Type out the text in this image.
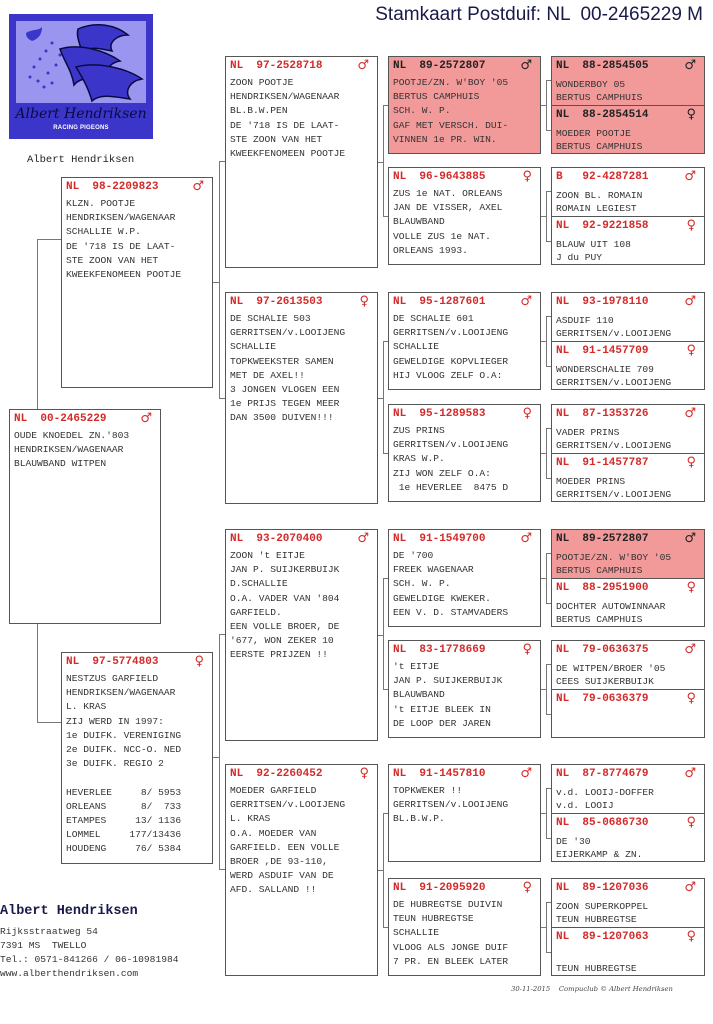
Stamkaart Postduif: NL  00-2465229 M
Albert Hendriksen
RACING PIGEONS
Albert Hendriksen
NL  00-2465229	♂
OUDE KNOEDEL ZN.'803
HENDRIKSEN/WAGENAAR
BLAUWBAND WITPEN
NL  98-2209823	♂
KLZN. POOTJE
HENDRIKSEN/WAGENAAR
SCHALLIE W.P.
DE '718 IS DE LAAT-
STE ZOON VAN HET
KWEEKFENOMEEN POOTJE
NL  97-5774803	♀
NESTZUS GARFIELD
HENDRIKSEN/WAGENAAR
L. KRAS
ZIJ WERD IN 1997:
1e DUIFK. VERENIGING
2e DUIFK. NCC-O. NED
3e DUIFK. REGIO 2

HEVERLEE     8/ 5953
ORLEANS      8/  733
ETAMPES     13/ 1136
LOMMEL     177/13436
HOUDENG     76/ 5384
NL  97-2528718	♂
ZOON POOTJE
HENDRIKSEN/WAGENAAR
BL.B.W.PEN
DE '718 IS DE LAAT-
STE ZOON VAN HET
KWEEKFENOMEEN POOTJE
NL  97-2613503	♀
DE SCHALIE 503
GERRITSEN/v.LOOIJENG
SCHALLIE
TOPKWEEKSTER SAMEN
MET DE AXEL!!
3 JONGEN VLOGEN EEN
1e PRIJS TEGEN MEER
DAN 3500 DUIVEN!!!
NL  93-2070400	♂
ZOON 't EITJE
JAN P. SUIJKERBUIJK
D.SCHALLIE
O.A. VADER VAN '804
GARFIELD.
EEN VOLLE BROER, DE
'677, WON ZEKER 10
EERSTE PRIJZEN !!
NL  92-2260452	♀
MOEDER GARFIELD
GERRITSEN/v.LOOIJENG
L. KRAS
O.A. MOEDER VAN
GARFIELD. EEN VOLLE
BROER ,DE 93-110,
WERD ASDUIF VAN DE
AFD. SALLAND !!
NL  89-2572807	♂
POOTJE/ZN. W'BOY '05
BERTUS CAMPHUIS
SCH. W. P.
GAF MET VERSCH. DUI-
VINNEN 1e PR. WIN.
NL  96-9643885	♀
ZUS 1e NAT. ORLEANS
JAN DE VISSER, AXEL
BLAUWBAND
VOLLE ZUS 1e NAT.
ORLEANS 1993.
NL  95-1287601	♂
DE SCHALIE 601
GERRITSEN/v.LOOIJENG
SCHALLIE
GEWELDIGE KOPVLIEGER
HIJ VLOOG ZELF O.A:
NL  95-1289583	♀
ZUS PRINS
GERRITSEN/v.LOOIJENG
KRAS W.P.
ZIJ WON ZELF O.A:
1e HEVERLEE  8475 D
NL  91-1549700	♂
DE '700
FREEK WAGENAAR
SCH. W. P.
GEWELDIGE KWEKER.
EEN V. D. STAMVADERS
NL  83-1778669	♀
't EITJE
JAN P. SUIJKERBUIJK
BLAUWBAND
't EITJE BLEEK IN
DE LOOP DER JAREN
NL  91-1457810	♂
TOPKWEKER !!
GERRITSEN/v.LOOIJENG
BL.B.W.P.
NL  91-2095920	♀
DE HUBREGTSE DUIVIN
TEUN HUBREGTSE
SCHALLIE
VLOOG ALS JONGE DUIF
7 PR. EN BLEEK LATER
NL  88-2854505	♂
WONDERBOY 05
BERTUS CAMPHUIS
NL  88-2854514	♀
MOEDER POOTJE
BERTUS CAMPHUIS
B   92-4287281	♂
ZOON BL. ROMAIN
ROMAIN LEGIEST
NL  92-9221858	♀
BLAUW UIT 108
J du PUY
NL  93-1978110	♂
ASDUIF 110
GERRITSEN/v.LOOIJENG
NL  91-1457709	♀
WONDERSCHALIE 709
GERRITSEN/v.LOOIJENG
NL  87-1353726	♂
VADER PRINS
GERRITSEN/v.LOOIJENG
NL  91-1457787	♀
MOEDER PRINS
GERRITSEN/v.LOOIJENG
NL  89-2572807	♂
POOTJE/ZN. W'BOY '05
BERTUS CAMPHUIS
NL  88-2951900	♀
DOCHTER AUTOWINNAAR
BERTUS CAMPHUIS
NL  79-0636375	♂
DE WITPEN/BROER '05
CEES SUIJKERBUIJK
NL  79-0636379	♀
NL  87-8774679	♂
v.d. LOOIJ-DOFFER
v.d. LOOIJ
NL  85-0686730	♀
DE '30
EIJERKAMP & ZN.
NL  89-1207036	♂
ZOON SUPERKOPPEL
TEUN HUBREGTSE
NL  89-1207063	♀

TEUN HUBREGTSE
Albert Hendriksen
Rijksstraatweg 54
7391 MS  TWELLO
Tel.: 0571-841266 / 06-10981984
www.alberthendriksen.com
30-11-2015 Compuclub © Albert Hendriksen
